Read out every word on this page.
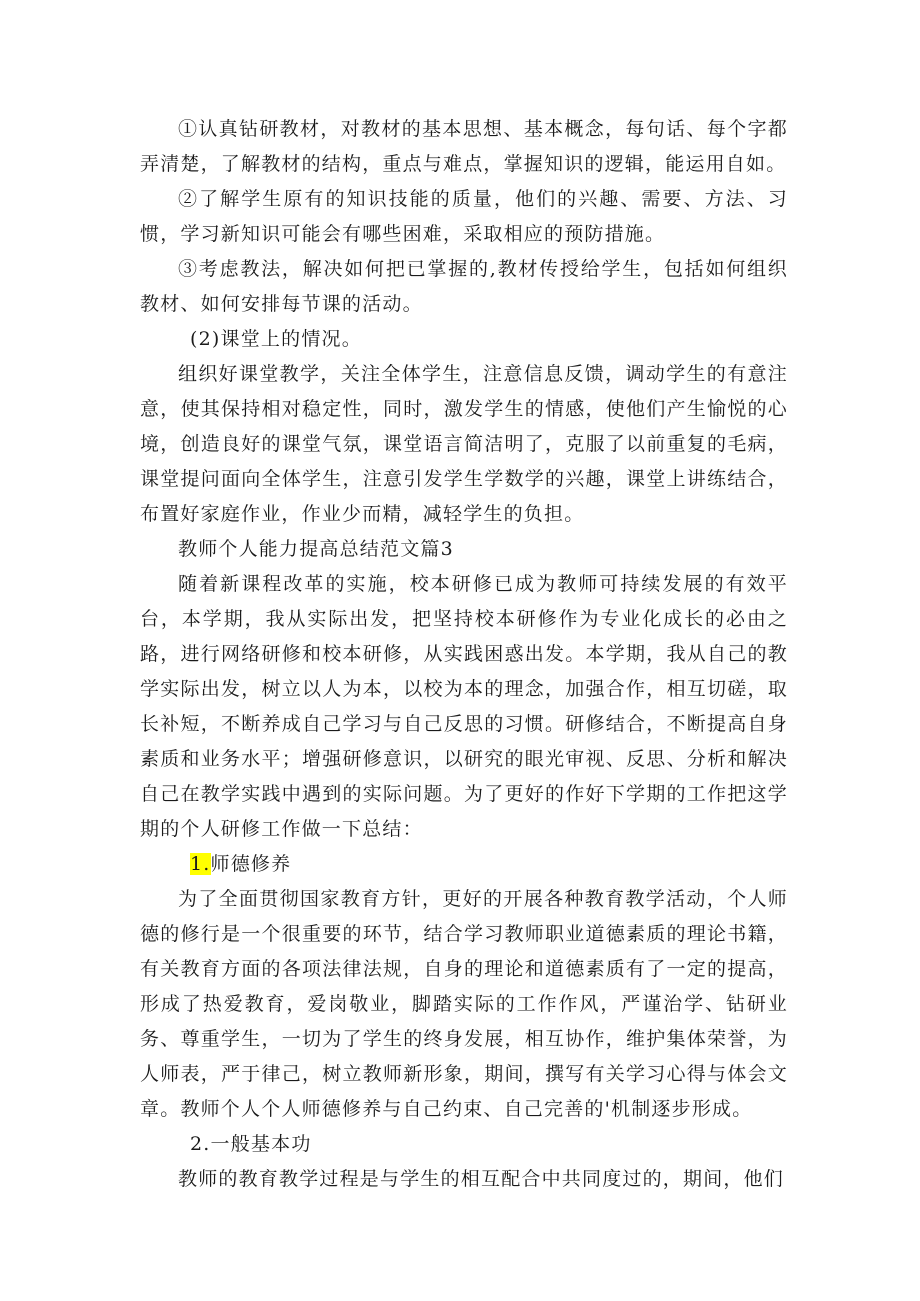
①认真钻研教材，对教材的基本思想、基本概念，每句话、每个字都弄清楚，了解教材的结构，重点与难点，掌握知识的逻辑，能运用自如。

②了解学生原有的知识技能的质量，他们的兴趣、需要、方法、习惯，学习新知识可能会有哪些困难，采取相应的预防措施。

③考虑教法，解决如何把已掌握的,教材传授给学生，包括如何组织教材、如何安排每节课的活动。

(2)课堂上的情况。

组织好课堂教学，关注全体学生，注意信息反馈，调动学生的有意注意，使其保持相对稳定性，同时，激发学生的情感，使他们产生愉悦的心境，创造良好的课堂气氛，课堂语言简洁明了，克服了以前重复的毛病，课堂提问面向全体学生，注意引发学生学数学的兴趣，课堂上讲练结合，布置好家庭作业，作业少而精，减轻学生的负担。

教师个人能力提高总结范文篇3

随着新课程改革的实施，校本研修已成为教师可持续发展的有效平台，本学期，我从实际出发，把坚持校本研修作为专业化成长的必由之路，进行网络研修和校本研修，从实践困惑出发。本学期，我从自己的教学实际出发，树立以人为本，以校为本的理念，加强合作，相互切磋，取长补短，不断养成自己学习与自己反思的习惯。研修结合，不断提高自身素质和业务水平；增强研修意识，以研究的眼光审视、反思、分析和解决自己在教学实践中遇到的实际问题。为了更好的作好下学期的工作把这学期的个人研修工作做一下总结：

1.师德修养

为了全面贯彻国家教育方针，更好的开展各种教育教学活动，个人师德的修行是一个很重要的环节，结合学习教师职业道德素质的理论书籍，有关教育方面的各项法律法规，自身的理论和道德素质有了一定的提高，形成了热爱教育，爱岗敬业，脚踏实际的工作作风，严谨治学、钻研业务、尊重学生，一切为了学生的终身发展，相互协作，维护集体荣誉，为人师表，严于律己，树立教师新形象，期间，撰写有关学习心得与体会文章。教师个人个人师德修养与自己约束、自己完善的'机制逐步形成。

2.一般基本功

教师的教育教学过程是与学生的相互配合中共同度过的，期间，他们
